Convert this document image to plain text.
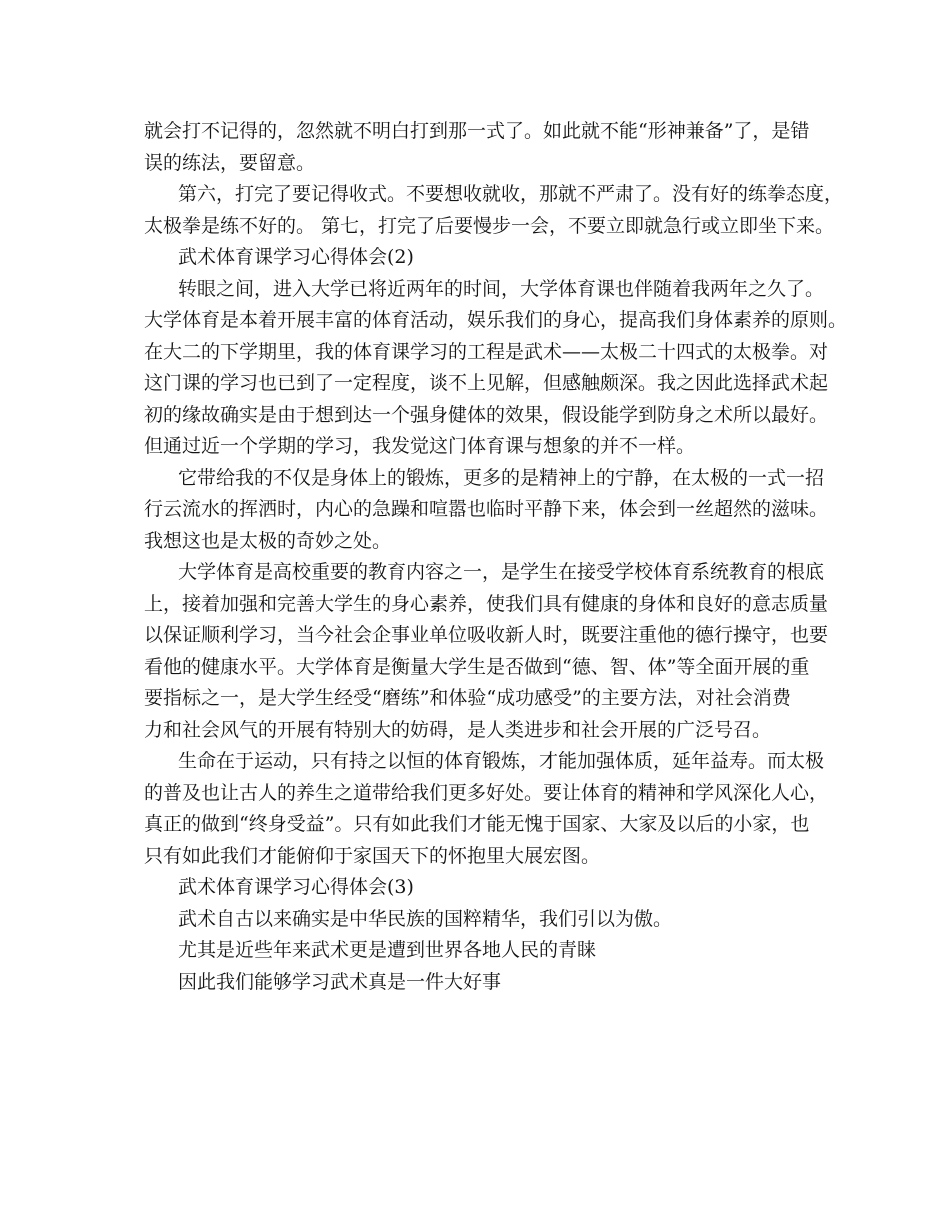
就会打不记得的，忽然就不明白打到那一式了。如此就不能“形神兼备”了，是错
误的练法，要留意。
第六，打完了要记得收式。不要想收就收，那就不严肃了。没有好的练拳态度，
太极拳是练不好的。 第七，打完了后要慢步一会，不要立即就急行或立即坐下来。
武术体育课学习心得体会(2)
转眼之间，进入大学已将近两年的时间，大学体育课也伴随着我两年之久了。
大学体育是本着开展丰富的体育活动，娱乐我们的身心，提高我们身体素养的原则。
在大二的下学期里，我的体育课学习的工程是武术——太极二十四式的太极拳。对
这门课的学习也已到了一定程度，谈不上见解，但感触颇深。我之因此选择武术起
初的缘故确实是由于想到达一个强身健体的效果，假设能学到防身之术所以最好。
但通过近一个学期的学习，我发觉这门体育课与想象的并不一样。
它带给我的不仅是身体上的锻炼，更多的是精神上的宁静，在太极的一式一招
行云流水的挥洒时，内心的急躁和喧嚣也临时平静下来，体会到一丝超然的滋味。
我想这也是太极的奇妙之处。
大学体育是高校重要的教育内容之一，是学生在接受学校体育系统教育的根底
上，接着加强和完善大学生的身心素养，使我们具有健康的身体和良好的意志质量
以保证顺利学习，当今社会企事业单位吸收新人时，既要注重他的德行操守，也要
看他的健康水平。大学体育是衡量大学生是否做到“德、智、体”等全面开展的重
要指标之一，是大学生经受“磨练”和体验“成功感受”的主要方法，对社会消费
力和社会风气的开展有特别大的妨碍，是人类进步和社会开展的广泛号召。
生命在于运动，只有持之以恒的体育锻炼，才能加强体质，延年益寿。而太极
的普及也让古人的养生之道带给我们更多好处。要让体育的精神和学风深化人心，
真正的做到“终身受益”。只有如此我们才能无愧于国家、大家及以后的小家，也
只有如此我们才能俯仰于家国天下的怀抱里大展宏图。
武术体育课学习心得体会(3)
武术自古以来确实是中华民族的国粹精华，我们引以为傲。
尤其是近些年来武术更是遭到世界各地人民的青睐
因此我们能够学习武术真是一件大好事
